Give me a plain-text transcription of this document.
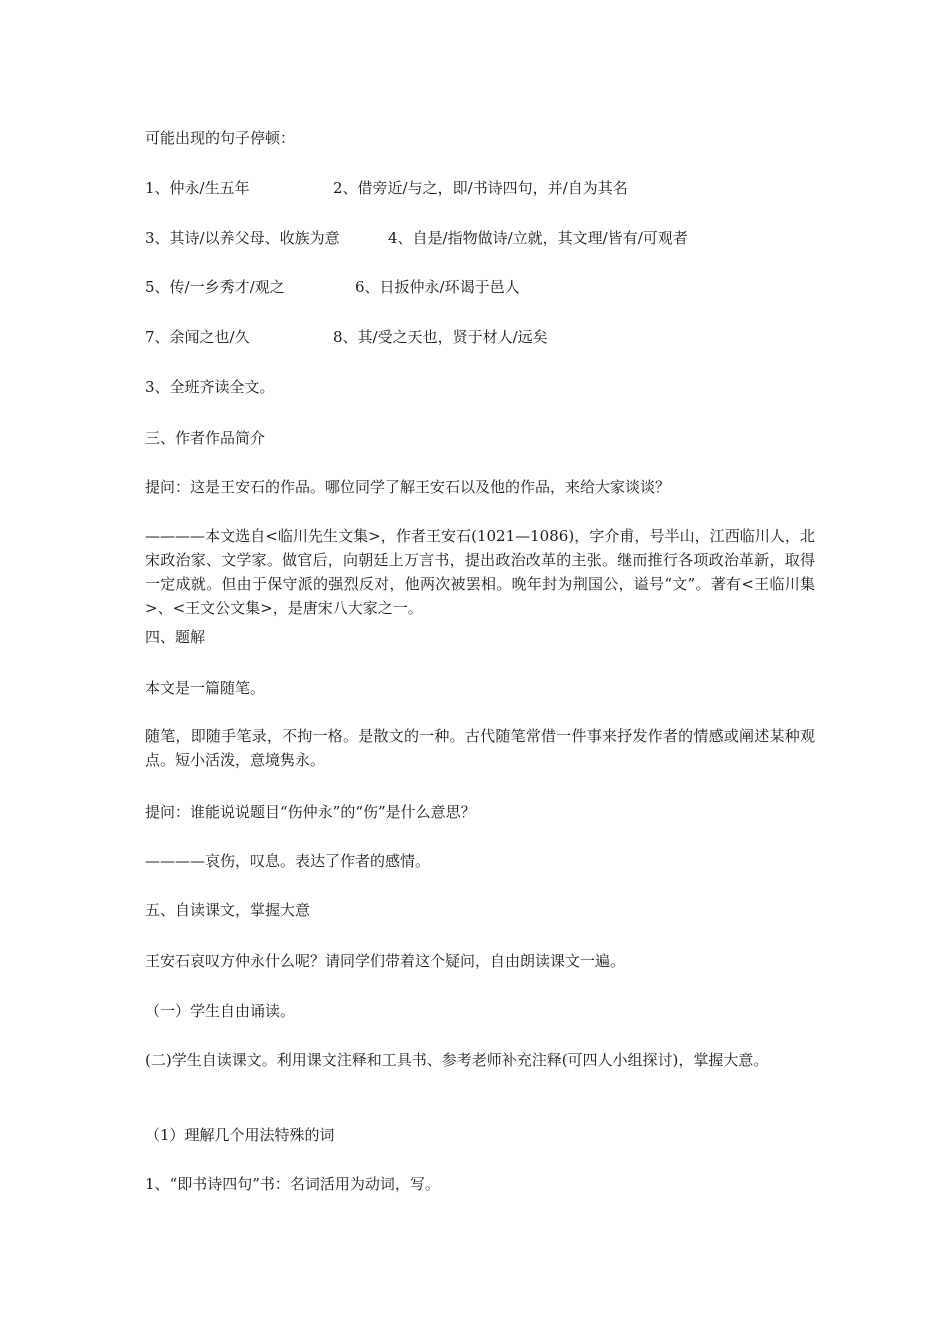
可能出现的句子停顿：
1、仲永/生五年	2、借旁近/与之，即/书诗四句，并/自为其名
3、其诗/以养父母、收族为意	4、自是/指物做诗/立就，其文理/皆有/可观者
5、传/一乡秀才/观之	6、日扳仲永/环谒于邑人
7、余闻之也/久	8、其/受之天也，贤于材人/远矣
3、全班齐读全文。
三、作者作品简介
提问：这是王安石的作品。哪位同学了解王安石以及他的作品，来给大家谈谈？
————本文选自<临川先生文集>，作者王安石(1021—1086)，字介甫，号半山，江西临川人，北宋政治家、文学家。做官后，向朝廷上万言书，提出政治改革的主张。继而推行各项政治革新，取得一定成就。但由于保守派的强烈反对，他两次被罢相。晚年封为荆国公，谥号“文”。著有<王临川集>、<王文公文集>，是唐宋八大家之一。
四、题解
本文是一篇随笔。
随笔，即随手笔录，不拘一格。是散文的一种。古代随笔常借一件事来抒发作者的情感或阐述某种观点。短小活泼，意境隽永。
提问：谁能说说题目“伤仲永”的“伤”是什么意思？
————哀伤，叹息。表达了作者的感情。
五、自读课文，掌握大意
王安石哀叹方仲永什么呢？请同学们带着这个疑问，自由朗读课文一遍。
（一）学生自由诵读。
(二)学生自读课文。利用课文注释和工具书、参考老师补充注释(可四人小组探讨)，掌握大意。
（1）理解几个用法特殊的词
1、“即书诗四句”书：名词活用为动词，写。
